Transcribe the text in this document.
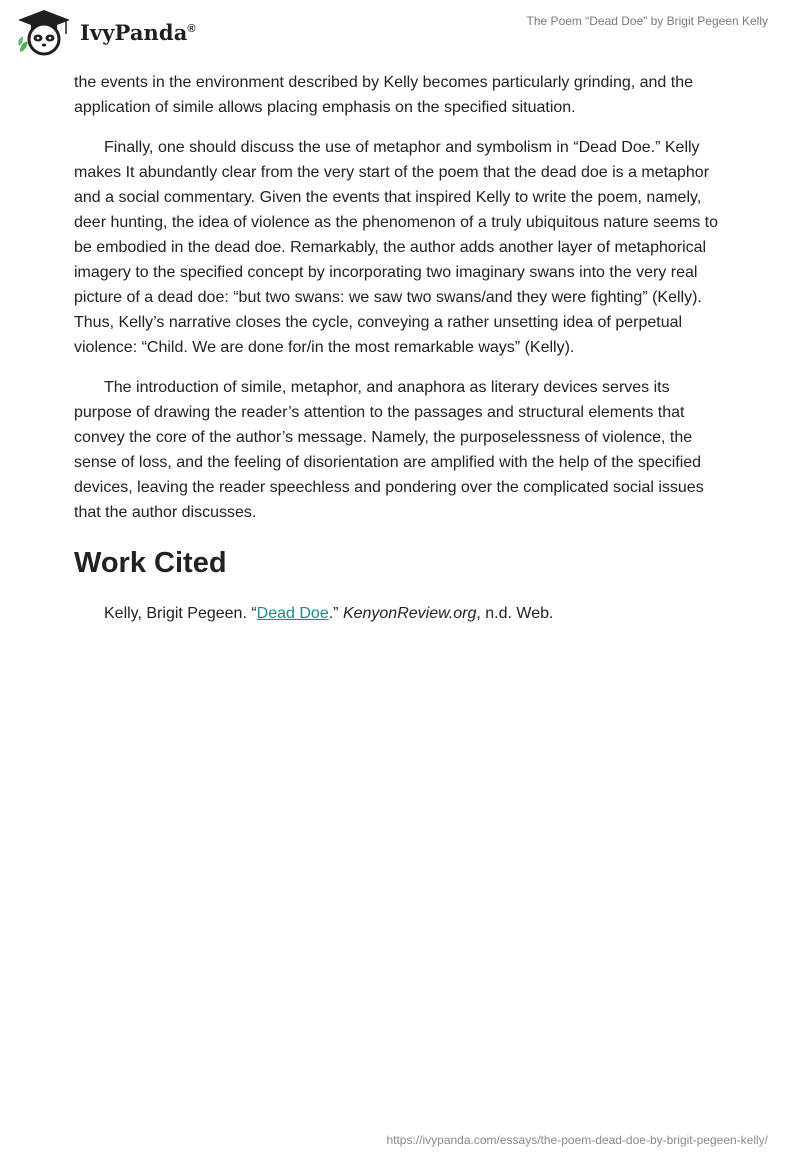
IvyPanda®
The Poem “Dead Doe” by Brigit Pegeen Kelly

the events in the environment described by Kelly becomes particularly grinding, and the application of simile allows placing emphasis on the specified situation.

Finally, one should discuss the use of metaphor and symbolism in “Dead Doe.” Kelly makes It abundantly clear from the very start of the poem that the dead doe is a metaphor and a social commentary. Given the events that inspired Kelly to write the poem, namely, deer hunting, the idea of violence as the phenomenon of a truly ubiquitous nature seems to be embodied in the dead doe. Remarkably, the author adds another layer of metaphorical imagery to the specified concept by incorporating two imaginary swans into the very real picture of a dead doe: “but two swans: we saw two swans/and they were fighting” (Kelly). Thus, Kelly’s narrative closes the cycle, conveying a rather unsetting idea of perpetual violence: “Child. We are done for/in the most remarkable ways” (Kelly).

The introduction of simile, metaphor, and anaphora as literary devices serves its purpose of drawing the reader’s attention to the passages and structural elements that convey the core of the author’s message. Namely, the purposelessness of violence, the sense of loss, and the feeling of disorientation are amplified with the help of the specified devices, leaving the reader speechless and pondering over the complicated social issues that the author discusses.

Work Cited

Kelly, Brigit Pegeen. “Dead Doe.” KenyonReview.org, n.d. Web.

https://ivypanda.com/essays/the-poem-dead-doe-by-brigit-pegeen-kelly/
